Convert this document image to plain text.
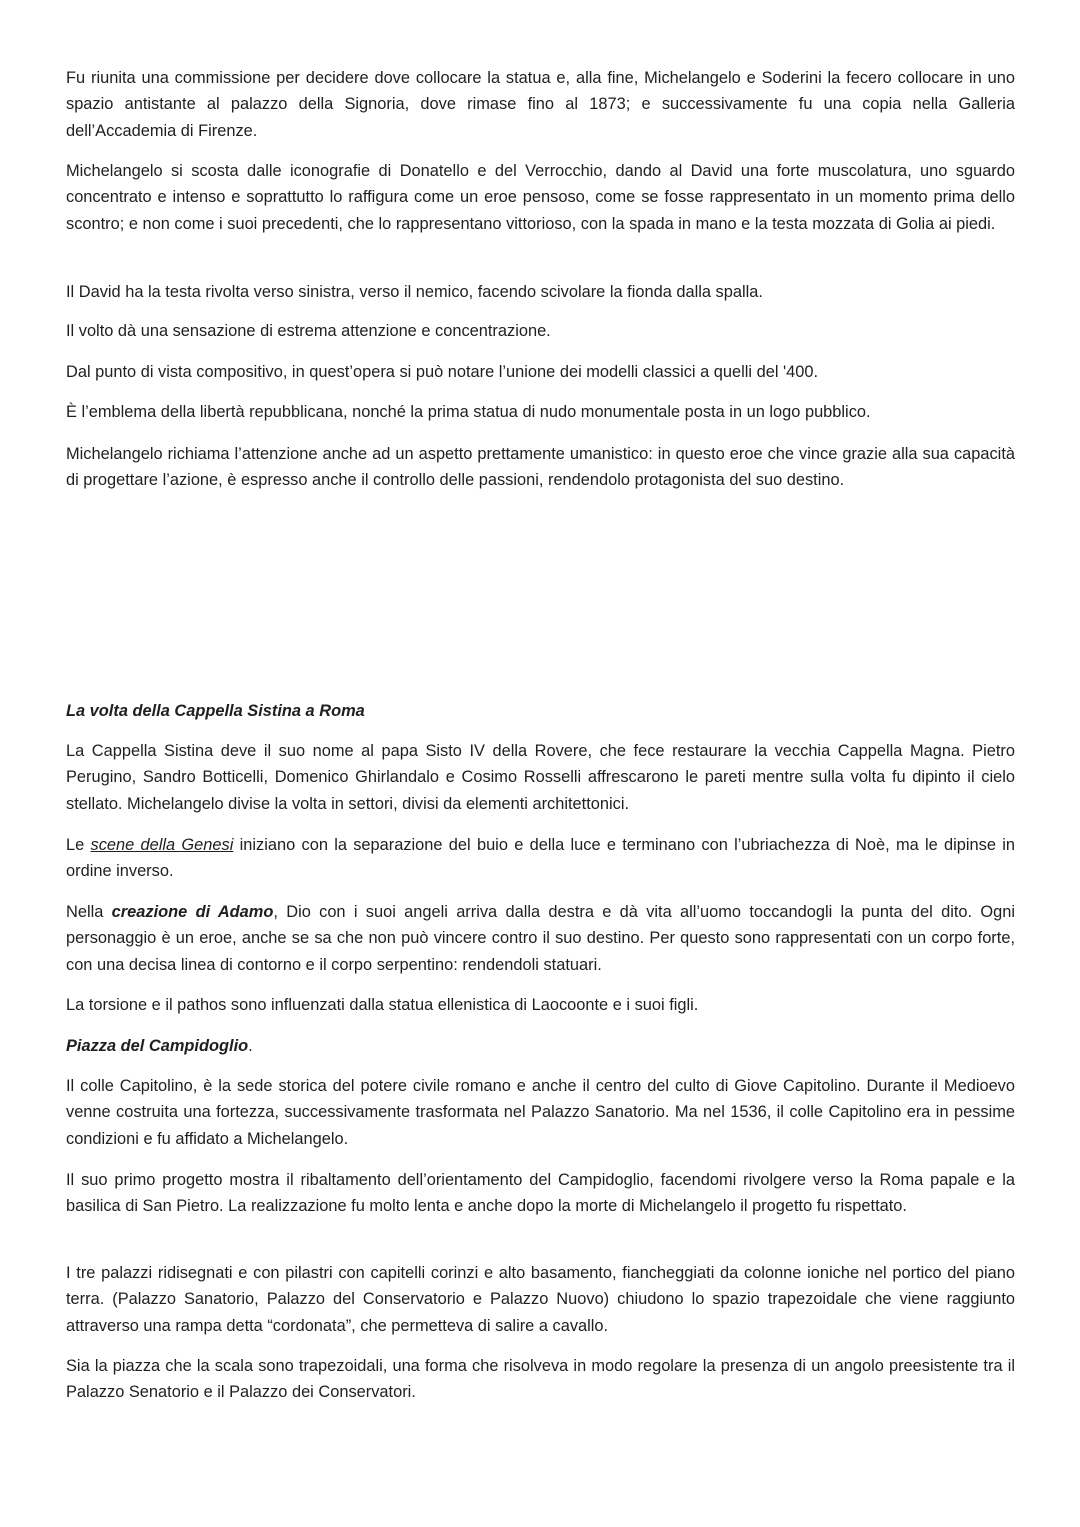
Fu riunita una commissione per decidere dove collocare la statua e, alla fine, Michelangelo e Soderini la fecero collocare in uno spazio antistante al palazzo della Signoria, dove rimase fino al 1873; e successivamente fu una copia nella Galleria dell’Accademia di Firenze.

Michelangelo si scosta dalle iconografie di Donatello e del Verrocchio, dando al David una forte muscolatura, uno sguardo concentrato e intenso e soprattutto lo raffigura come un eroe pensoso, come se fosse rappresentato in un momento prima dello scontro; e non come i suoi precedenti, che lo rappresentano vittorioso, con la spada in mano e la testa mozzata di Golia ai piedi.

Il David ha la testa rivolta verso sinistra, verso il nemico, facendo scivolare la fionda dalla spalla.

Il volto dà una sensazione di estrema attenzione e concentrazione.

Dal punto di vista compositivo, in quest’opera si può notare l’unione dei modelli classici a quelli del '400.

È l’emblema della libertà repubblicana, nonché la prima statua di nudo monumentale posta in un logo pubblico.

Michelangelo richiama l’attenzione anche ad un aspetto prettamente umanistico: in questo eroe che vince grazie alla sua capacità di progettare l’azione, è espresso anche il controllo delle passioni, rendendolo protagonista del suo destino.

La volta della Cappella Sistina a Roma

La Cappella Sistina deve il suo nome al papa Sisto IV della Rovere, che fece restaurare la vecchia Cappella Magna. Pietro Perugino, Sandro Botticelli, Domenico Ghirlandalo e Cosimo Rosselli affrescarono le pareti mentre sulla volta fu dipinto il cielo stellato. Michelangelo divise la volta in settori, divisi da elementi architettonici.

Le scene della Genesi iniziano con la separazione del buio e della luce e terminano con l’ubriachezza di Noè, ma le dipinse in ordine inverso.

Nella creazione di Adamo, Dio con i suoi angeli arriva dalla destra e dà vita all’uomo toccandogli la punta del dito. Ogni personaggio è un eroe, anche se sa che non può vincere contro il suo destino. Per questo sono rappresentati con un corpo forte, con una decisa linea di contorno e il corpo serpentino: rendendoli statuari.

La torsione e il pathos sono influenzati dalla statua ellenistica di Laocoonte e i suoi figli.

Piazza del Campidoglio.

Il colle Capitolino, è la sede storica del potere civile romano e anche il centro del culto di Giove Capitolino. Durante il Medioevo venne costruita una fortezza, successivamente trasformata nel Palazzo Sanatorio. Ma nel 1536, il colle Capitolino era in pessime condizioni e fu affidato a Michelangelo.

Il suo primo progetto mostra il ribaltamento dell’orientamento del Campidoglio, facendomi rivolgere verso la Roma papale e la basilica di San Pietro. La realizzazione fu molto lenta e anche dopo la morte di Michelangelo il progetto fu rispettato.

I tre palazzi ridisegnati e con pilastri con capitelli corinzi e alto basamento, fiancheggiati da colonne ioniche nel portico del piano terra. (Palazzo Sanatorio, Palazzo del Conservatorio e Palazzo Nuovo) chiudono lo spazio trapezoidale che viene raggiunto attraverso una rampa detta “cordonata”, che permetteva di salire a cavallo.

Sia la piazza che la scala sono trapezoidali, una forma che risolveva in modo regolare la presenza di un angolo preesistente tra il Palazzo Senatorio e il Palazzo dei Conservatori.
